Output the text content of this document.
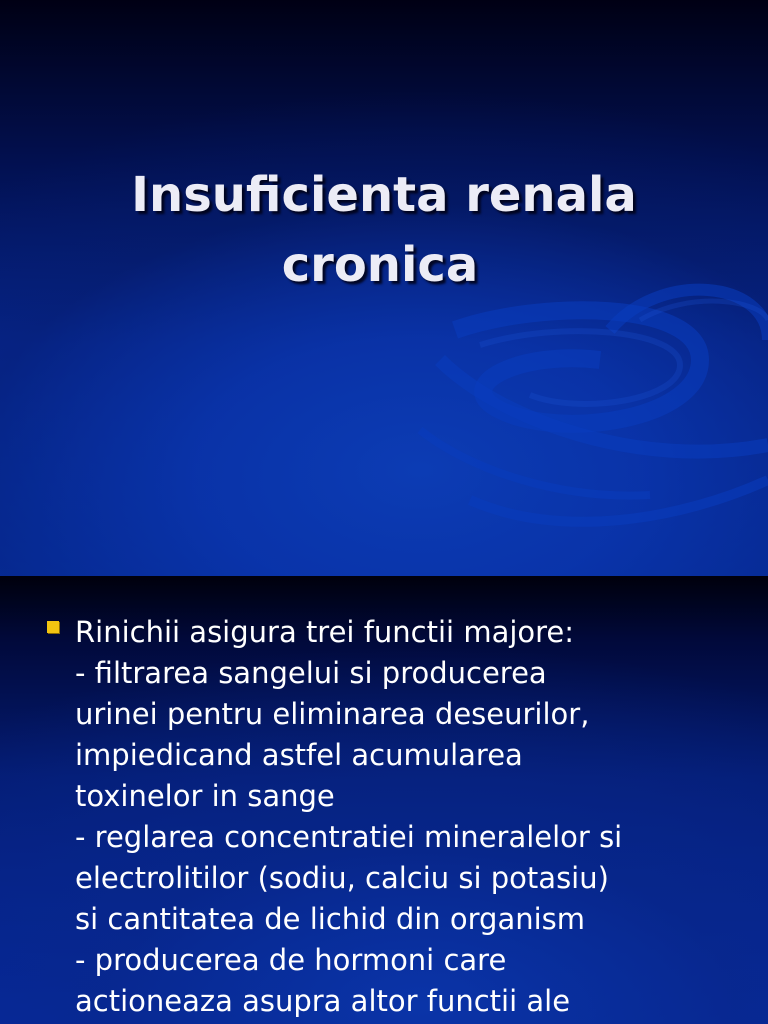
Insuficienta renala
cronica

Rinichii asigura trei functii majore:
- filtrarea sangelui si producerea
urinei pentru eliminarea deseurilor,
impiedicand astfel acumularea
toxinelor in sange
- reglarea concentratiei mineralelor si
electrolitilor (sodiu, calciu si potasiu)
si cantitatea de lichid din organism
- producerea de hormoni care
actioneaza asupra altor functii ale
